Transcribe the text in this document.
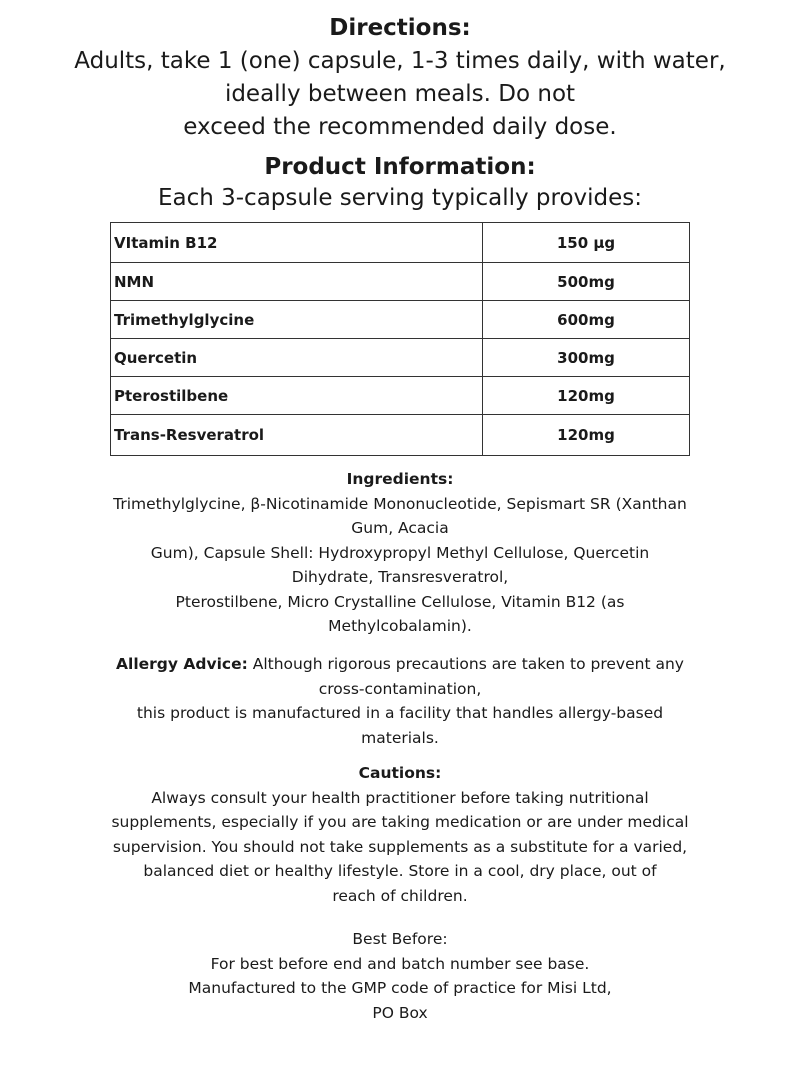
Directions:

Adults, take 1 (one) capsule, 1-3 times daily, with water,

ideally between meals. Do not

exceed the recommended daily dose.

Product Information:

Each 3-capsule serving typically provides:

VItamin B12	150 µg
NMN	500mg
Trimethylglycine	600mg
Quercetin	300mg
Pterostilbene	120mg
Trans-Resveratrol	120mg

Ingredients:

Trimethylglycine, β-Nicotinamide Mononucleotide, Sepismart SR (Xanthan

Gum, Acacia

Gum), Capsule Shell: Hydroxypropyl Methyl Cellulose, Quercetin

Dihydrate, Transresveratrol,

Pterostilbene, Micro Crystalline Cellulose, Vitamin B12 (as

Methylcobalamin).

Allergy Advice: Although rigorous precautions are taken to prevent any

cross-contamination,

this product is manufactured in a facility that handles allergy-based

materials.

Cautions:

Always consult your health practitioner before taking nutritional

supplements, especially if you are taking medication or are under medical

supervision. You should not take supplements as a substitute for a varied,

balanced diet or healthy lifestyle. Store in a cool, dry place, out of

reach of children.

Best Before:

For best before end and batch number see base.

Manufactured to the GMP code of practice for Misi Ltd,

PO Box
